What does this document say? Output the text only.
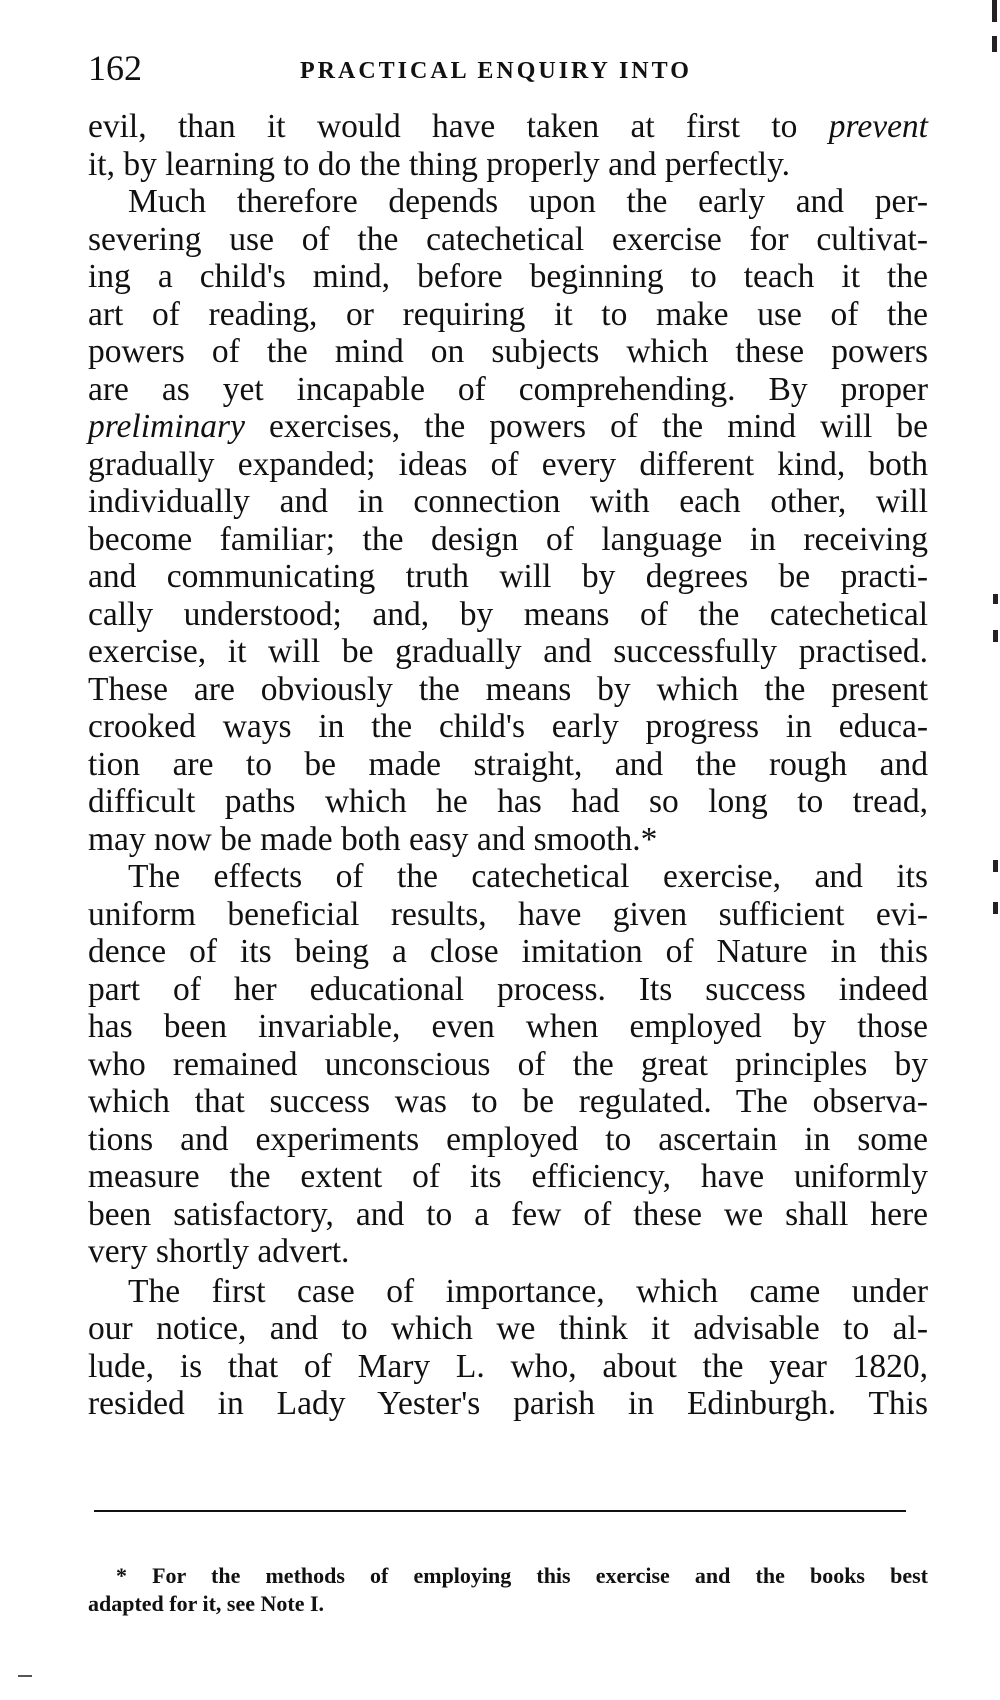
162	PRACTICAL ENQUIRY INTO
evil, than it would have taken at first to prevent
it, by learning to do the thing properly and perfectly.
Much therefore depends upon the early and per-
severing use of the catechetical exercise for cultivat-
ing a child's mind, before beginning to teach it the
art of reading, or requiring it to make use of the
powers of the mind on subjects which these powers
are as yet incapable of comprehending. By proper
preliminary exercises, the powers of the mind will be
gradually expanded; ideas of every different kind, both
individually and in connection with each other, will
become familiar; the design of language in receiving
and communicating truth will by degrees be practi-
cally understood; and, by means of the catechetical
exercise, it will be gradually and successfully practised.
These are obviously the means by which the present
crooked ways in the child's early progress in educa-
tion are to be made straight, and the rough and
difficult paths which he has had so long to tread,
may now be made both easy and smooth.*
The effects of the catechetical exercise, and its
uniform beneficial results, have given sufficient evi-
dence of its being a close imitation of Nature in this
part of her educational process. Its success indeed
has been invariable, even when employed by those
who remained unconscious of the great principles by
which that success was to be regulated. The observa-
tions and experiments employed to ascertain in some
measure the extent of its efficiency, have uniformly
been satisfactory, and to a few of these we shall here
very shortly advert.
The first case of importance, which came under
our notice, and to which we think it advisable to al-
lude, is that of Mary L. who, about the year 1820,
resided in Lady Yester's parish in Edinburgh. This
* For the methods of employing this exercise and the books best
adapted for it, see Note I.
